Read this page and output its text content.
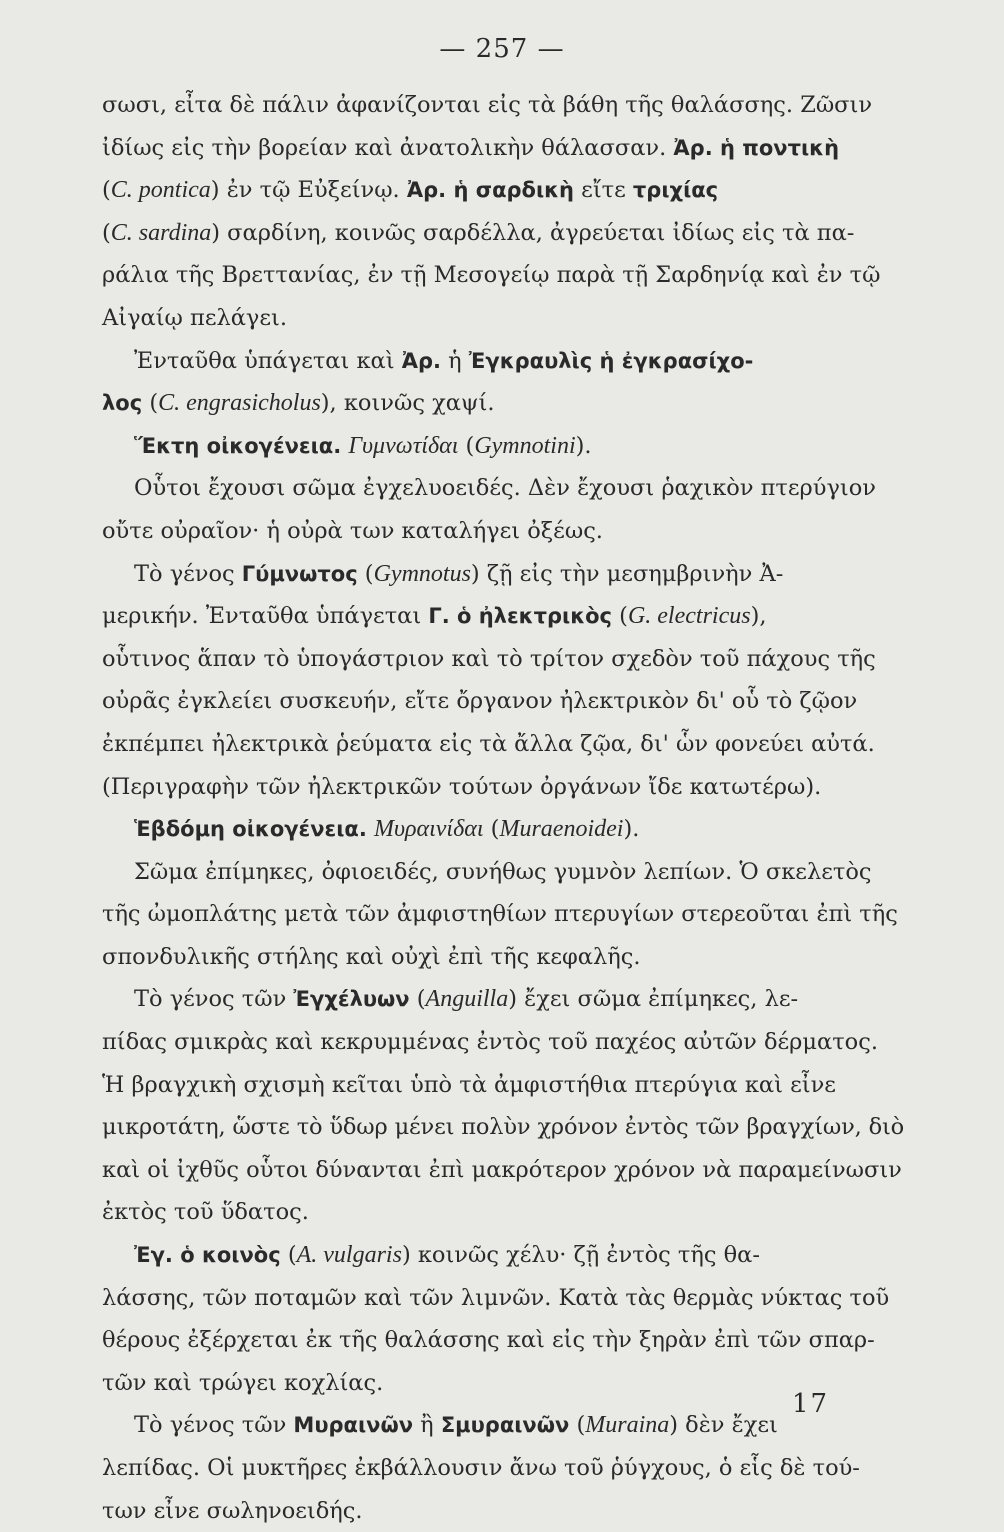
— 257 —
σωσι, εἶτα δὲ πάλιν ἀφανίζονται εἰς τὰ βάθη τῆς θαλάσσης. Ζῶσιν
ἰδίως εἰς τὴν βορείαν καὶ ἀνατολικὴν θάλασσαν. Ἀρ. ἡ ποντικὴ
(C. pontica) ἐν τῷ Εὐξείνῳ. Ἀρ. ἡ σαρδικὴ εἴτε τριχίας
(C. sardina) σαρδίνη, κοινῶς σαρδέλλα, ἀγρεύεται ἰδίως εἰς τὰ πα-
ράλια τῆς Βρεττανίας, ἐν τῇ Μεσογείῳ παρὰ τῇ Σαρδηνίᾳ καὶ ἐν τῷ
Αἰγαίῳ πελάγει.
Ἐνταῦθα ὑπάγεται καὶ Ἀρ. ἡ Ἐγκραυλὶς ἡ ἐγκρασίχο-
λος (C. engrasicholus), κοινῶς χαψί.
Ἕκτη οἰκογένεια. Γυμνωτίδαι (Gymnotini).
Οὗτοι ἔχουσι σῶμα ἐγχελυοειδές. Δὲν ἔχουσι ῥαχικὸν πτερύγιον
οὔτε οὐραῖον· ἡ οὐρὰ των καταλήγει ὀξέως.
Τὸ γένος Γύμνωτος (Gymnotus) ζῇ εἰς τὴν μεσημβρινὴν Ἀ-
μερικήν. Ἐνταῦθα ὑπάγεται Γ. ὁ ἠλεκτρικὸς (G. electricus),
οὗτινος ἅπαν τὸ ὑπογάστριον καὶ τὸ τρίτον σχεδὸν τοῦ πάχους τῆς
οὐρᾶς ἐγκλείει συσκευήν, εἴτε ὄργανον ἠλεκτρικὸν δι' οὗ τὸ ζῷον
ἐκπέμπει ἠλεκτρικὰ ῥεύματα εἰς τὰ ἄλλα ζῷα, δι' ὧν φονεύει αὐτά.
(Περιγραφὴν τῶν ἠλεκτρικῶν τούτων ὀργάνων ἴδε κατωτέρω).
Ἑβδόμη οἰκογένεια. Μυραινίδαι (Muraenoidei).
Σῶμα ἐπίμηκες, ὀφιοειδές, συνήθως γυμνὸν λεπίων. Ὁ σκελετὸς
τῆς ὠμοπλάτης μετὰ τῶν ἀμφιστηθίων πτερυγίων στερεοῦται ἐπὶ τῆς
σπονδυλικῆς στήλης καὶ οὐχὶ ἐπὶ τῆς κεφαλῆς.
Τὸ γένος τῶν Ἐγχέλυων (Anguilla) ἔχει σῶμα ἐπίμηκες, λε-
πίδας σμικρὰς καὶ κεκρυμμένας ἐντὸς τοῦ παχέος αὐτῶν δέρματος.
Ἡ βραγχικὴ σχισμὴ κεῖται ὑπὸ τὰ ἀμφιστήθια πτερύγια καὶ εἶνε
μικροτάτη, ὥστε τὸ ὕδωρ μένει πολὺν χρόνον ἐντὸς τῶν βραγχίων, διὸ
καὶ οἱ ἰχθῦς οὗτοι δύνανται ἐπὶ μακρότερον χρόνον νὰ παραμείνωσιν
ἐκτὸς τοῦ ὕδατος.
Ἐγ. ὁ κοινὸς (A. vulgaris) κοινῶς χέλυ· ζῇ ἐντὸς τῆς θα-
λάσσης, τῶν ποταμῶν καὶ τῶν λιμνῶν. Κατὰ τὰς θερμὰς νύκτας τοῦ
θέρους ἐξέρχεται ἐκ τῆς θαλάσσης καὶ εἰς τὴν ξηρὰν ἐπὶ τῶν σπαρ-
τῶν καὶ τρώγει κοχλίας.
Τὸ γένος τῶν Μυραινῶν ἢ Σμυραινῶν (Muraina) δὲν ἔχει
λεπίδας. Οἱ μυκτῆρες ἐκβάλλουσιν ἄνω τοῦ ῥύγχους, ὁ εἷς δὲ τού-
των εἶνε σωληνοειδής.
17
